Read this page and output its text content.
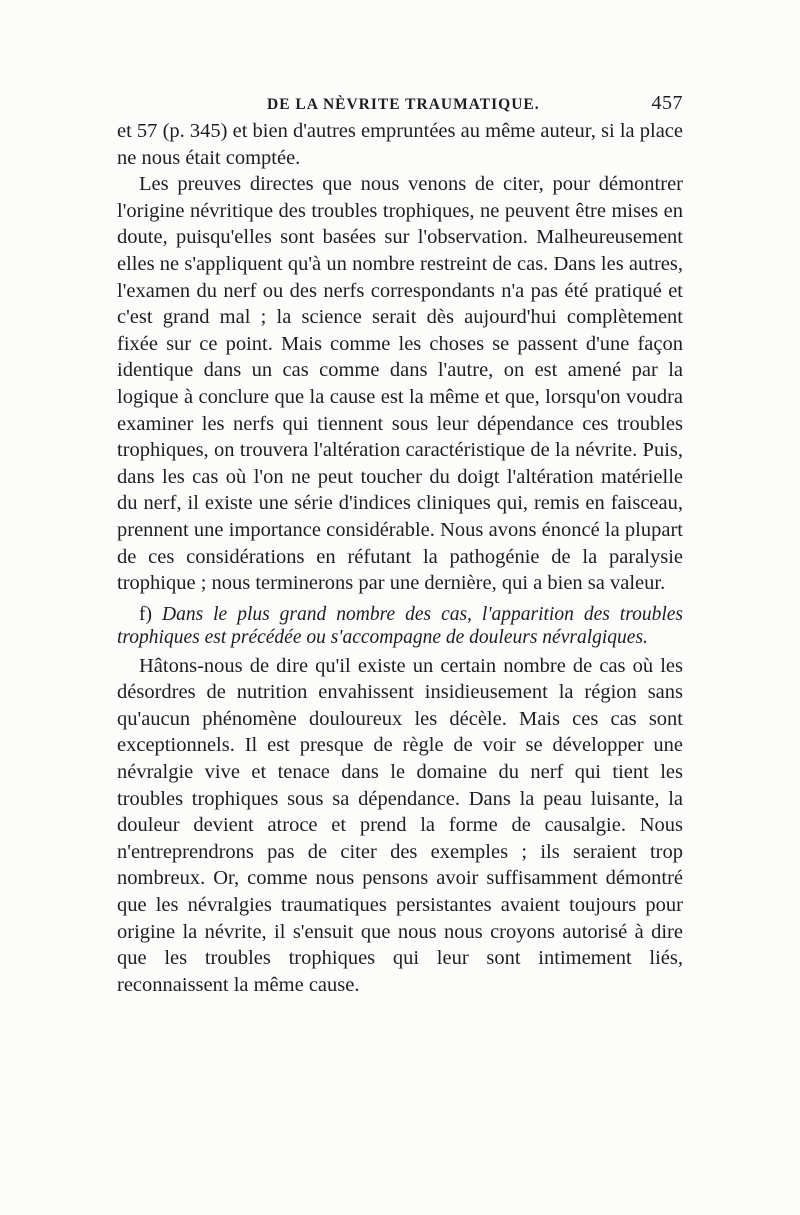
DE LA NÈVRITE TRAUMATIQUE.	457

et 57 (p. 345) et bien d'autres empruntées au même auteur, si la place ne nous était comptée.

Les preuves directes que nous venons de citer, pour démontrer l'origine névritique des troubles trophiques, ne peuvent être mises en doute, puisqu'elles sont basées sur l'observation. Malheureusement elles ne s'appliquent qu'à un nombre restreint de cas. Dans les autres, l'examen du nerf ou des nerfs correspondants n'a pas été pratiqué et c'est grand mal ; la science serait dès aujourd'hui complètement fixée sur ce point. Mais comme les choses se passent d'une façon identique dans un cas comme dans l'autre, on est amené par la logique à conclure que la cause est la même et que, lorsqu'on voudra examiner les nerfs qui tiennent sous leur dépendance ces troubles trophiques, on trouvera l'altération caractéristique de la névrite. Puis, dans les cas où l'on ne peut toucher du doigt l'altération matérielle du nerf, il existe une série d'indices cliniques qui, remis en faisceau, prennent une importance considérable. Nous avons énoncé la plupart de ces considérations en réfutant la pathogénie de la paralysie trophique ; nous terminerons par une dernière, qui a bien sa valeur.

f) Dans le plus grand nombre des cas, l'apparition des troubles trophiques est précédée ou s'accompagne de douleurs névralgiques.

Hâtons-nous de dire qu'il existe un certain nombre de cas où les désordres de nutrition envahissent insidieusement la région sans qu'aucun phénomène douloureux les décèle. Mais ces cas sont exceptionnels. Il est presque de règle de voir se développer une névralgie vive et tenace dans le domaine du nerf qui tient les troubles trophiques sous sa dépendance. Dans la peau luisante, la douleur devient atroce et prend la forme de causalgie. Nous n'entreprendrons pas de citer des exemples ; ils seraient trop nombreux. Or, comme nous pensons avoir suffisamment démontré que les névralgies traumatiques persistantes avaient toujours pour origine la névrite, il s'ensuit que nous nous croyons autorisé à dire que les troubles trophiques qui leur sont intimement liés, reconnaissent la même cause.
